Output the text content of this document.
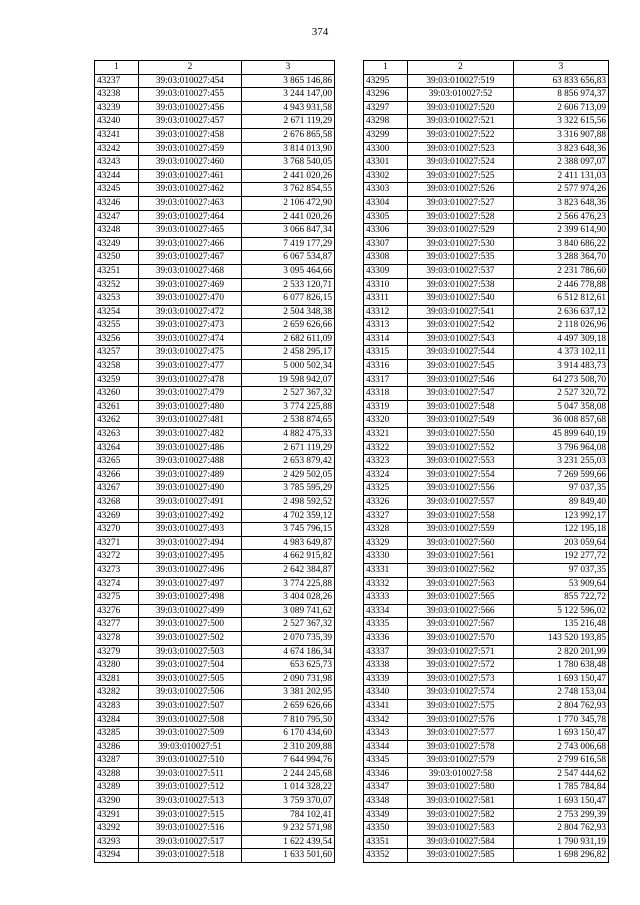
374
1	2	3
43237	39:03:010027:454	3 865 146,86
43238	39:03:010027:455	3 244 147,00
43239	39:03:010027:456	4 943 931,58
43240	39:03:010027:457	2 671 119,29
43241	39:03:010027:458	2 676 865,58
43242	39:03:010027:459	3 814 013,90
43243	39:03:010027:460	3 768 540,05
43244	39:03:010027:461	2 441 020,26
43245	39:03:010027:462	3 762 854,55
43246	39:03:010027:463	2 106 472,90
43247	39:03:010027:464	2 441 020,26
43248	39:03:010027:465	3 066 847,34
43249	39:03:010027:466	7 419 177,29
43250	39:03:010027:467	6 067 534,87
43251	39:03:010027:468	3 095 464,66
43252	39:03:010027:469	2 533 120,71
43253	39:03:010027:470	6 077 826,15
43254	39:03:010027:472	2 504 348,38
43255	39:03:010027:473	2 659 626,66
43256	39:03:010027:474	2 682 611,09
43257	39:03:010027:475	2 458 295,17
43258	39:03:010027:477	5 000 502,34
43259	39:03:010027:478	19 598 942,07
43260	39:03:010027:479	2 527 367,32
43261	39:03:010027:480	3 774 225,88
43262	39:03:010027:481	2 538 874,65
43263	39:03:010027:482	4 882 475,33
43264	39:03:010027:486	2 671 119,29
43265	39:03:010027:488	2 653 879,42
43266	39:03:010027:489	2 429 502,05
43267	39:03:010027:490	3 785 595,29
43268	39:03:010027:491	2 498 592,52
43269	39:03:010027:492	4 702 359,12
43270	39:03:010027:493	3 745 796,15
43271	39:03:010027:494	4 983 649,87
43272	39:03:010027:495	4 662 915,82
43273	39:03:010027:496	2 642 384,87
43274	39:03:010027:497	3 774 225,88
43275	39:03:010027:498	3 404 028,26
43276	39:03:010027:499	3 089 741,62
43277	39:03:010027:500	2 527 367,32
43278	39:03:010027:502	2 070 735,39
43279	39:03:010027:503	4 674 186,34
43280	39:03:010027:504	653 625,73
43281	39:03:010027:505	2 090 731,98
43282	39:03:010027:506	3 381 202,95
43283	39:03:010027:507	2 659 626,66
43284	39:03:010027:508	7 810 795,50
43285	39:03:010027:509	6 170 434,60
43286	39:03:010027:51	2 310 209,88
43287	39:03:010027:510	7 644 994,76
43288	39:03:010027:511	2 244 245,68
43289	39:03:010027:512	1 014 328,22
43290	39:03:010027:513	3 759 370,07
43291	39:03:010027:515	784 102,41
43292	39:03:010027:516	9 232 571,98
43293	39:03:010027:517	1 622 439,54
43294	39:03:010027:518	1 633 501,60
1	2	3
43295	39:03:010027:519	63 833 656,83
43296	39:03:010027:52	8 856 974,37
43297	39:03:010027:520	2 606 713,09
43298	39:03:010027:521	3 322 615,56
43299	39:03:010027:522	3 316 907,88
43300	39:03:010027:523	3 823 648,36
43301	39:03:010027:524	2 388 097,07
43302	39:03:010027:525	2 411 131,03
43303	39:03:010027:526	2 577 974,26
43304	39:03:010027:527	3 823 648,36
43305	39:03:010027:528	2 566 476,23
43306	39:03:010027:529	2 399 614,90
43307	39:03:010027:530	3 840 686,22
43308	39:03:010027:535	3 288 364,70
43309	39:03:010027:537	2 231 786,60
43310	39:03:010027:538	2 446 778,88
43311	39:03:010027:540	6 512 812,61
43312	39:03:010027:541	2 636 637,12
43313	39:03:010027:542	2 118 026,96
43314	39:03:010027:543	4 497 309,18
43315	39:03:010027:544	4 373 102,11
43316	39:03:010027:545	3 914 483,73
43317	39:03:010027:546	64 273 508,70
43318	39:03:010027:547	2 527 320,72
43319	39:03:010027:548	5 047 358,08
43320	39:03:010027:549	36 008 857,68
43321	39:03:010027:550	45 899 640,19
43322	39:03:010027:552	3 796 964,08
43323	39:03:010027:553	3 231 255,03
43324	39:03:010027:554	7 269 599,66
43325	39:03:010027:556	97 037,35
43326	39:03:010027:557	89 849,40
43327	39:03:010027:558	123 992,17
43328	39:03:010027:559	122 195,18
43329	39:03:010027:560	203 059,64
43330	39:03:010027:561	192 277,72
43331	39:03:010027:562	97 037,35
43332	39:03:010027:563	53 909,64
43333	39:03:010027:565	855 722,72
43334	39:03:010027:566	5 122 596,02
43335	39:03:010027:567	135 216,48
43336	39:03:010027:570	143 520 193,85
43337	39:03:010027:571	2 820 201,99
43338	39:03:010027:572	1 780 638,48
43339	39:03:010027:573	1 693 150,47
43340	39:03:010027:574	2 748 153,04
43341	39:03:010027:575	2 804 762,93
43342	39:03:010027:576	1 770 345,78
43343	39:03:010027:577	1 693 150,47
43344	39:03:010027:578	2 743 006,68
43345	39:03:010027:579	2 799 616,58
43346	39:03:010027:58	2 547 444,62
43347	39:03:010027:580	1 785 784,84
43348	39:03:010027:581	1 693 150,47
43349	39:03:010027:582	2 753 299,39
43350	39:03:010027:583	2 804 762,93
43351	39:03:010027:584	1 790 931,19
43352	39:03:010027:585	1 698 296,82
